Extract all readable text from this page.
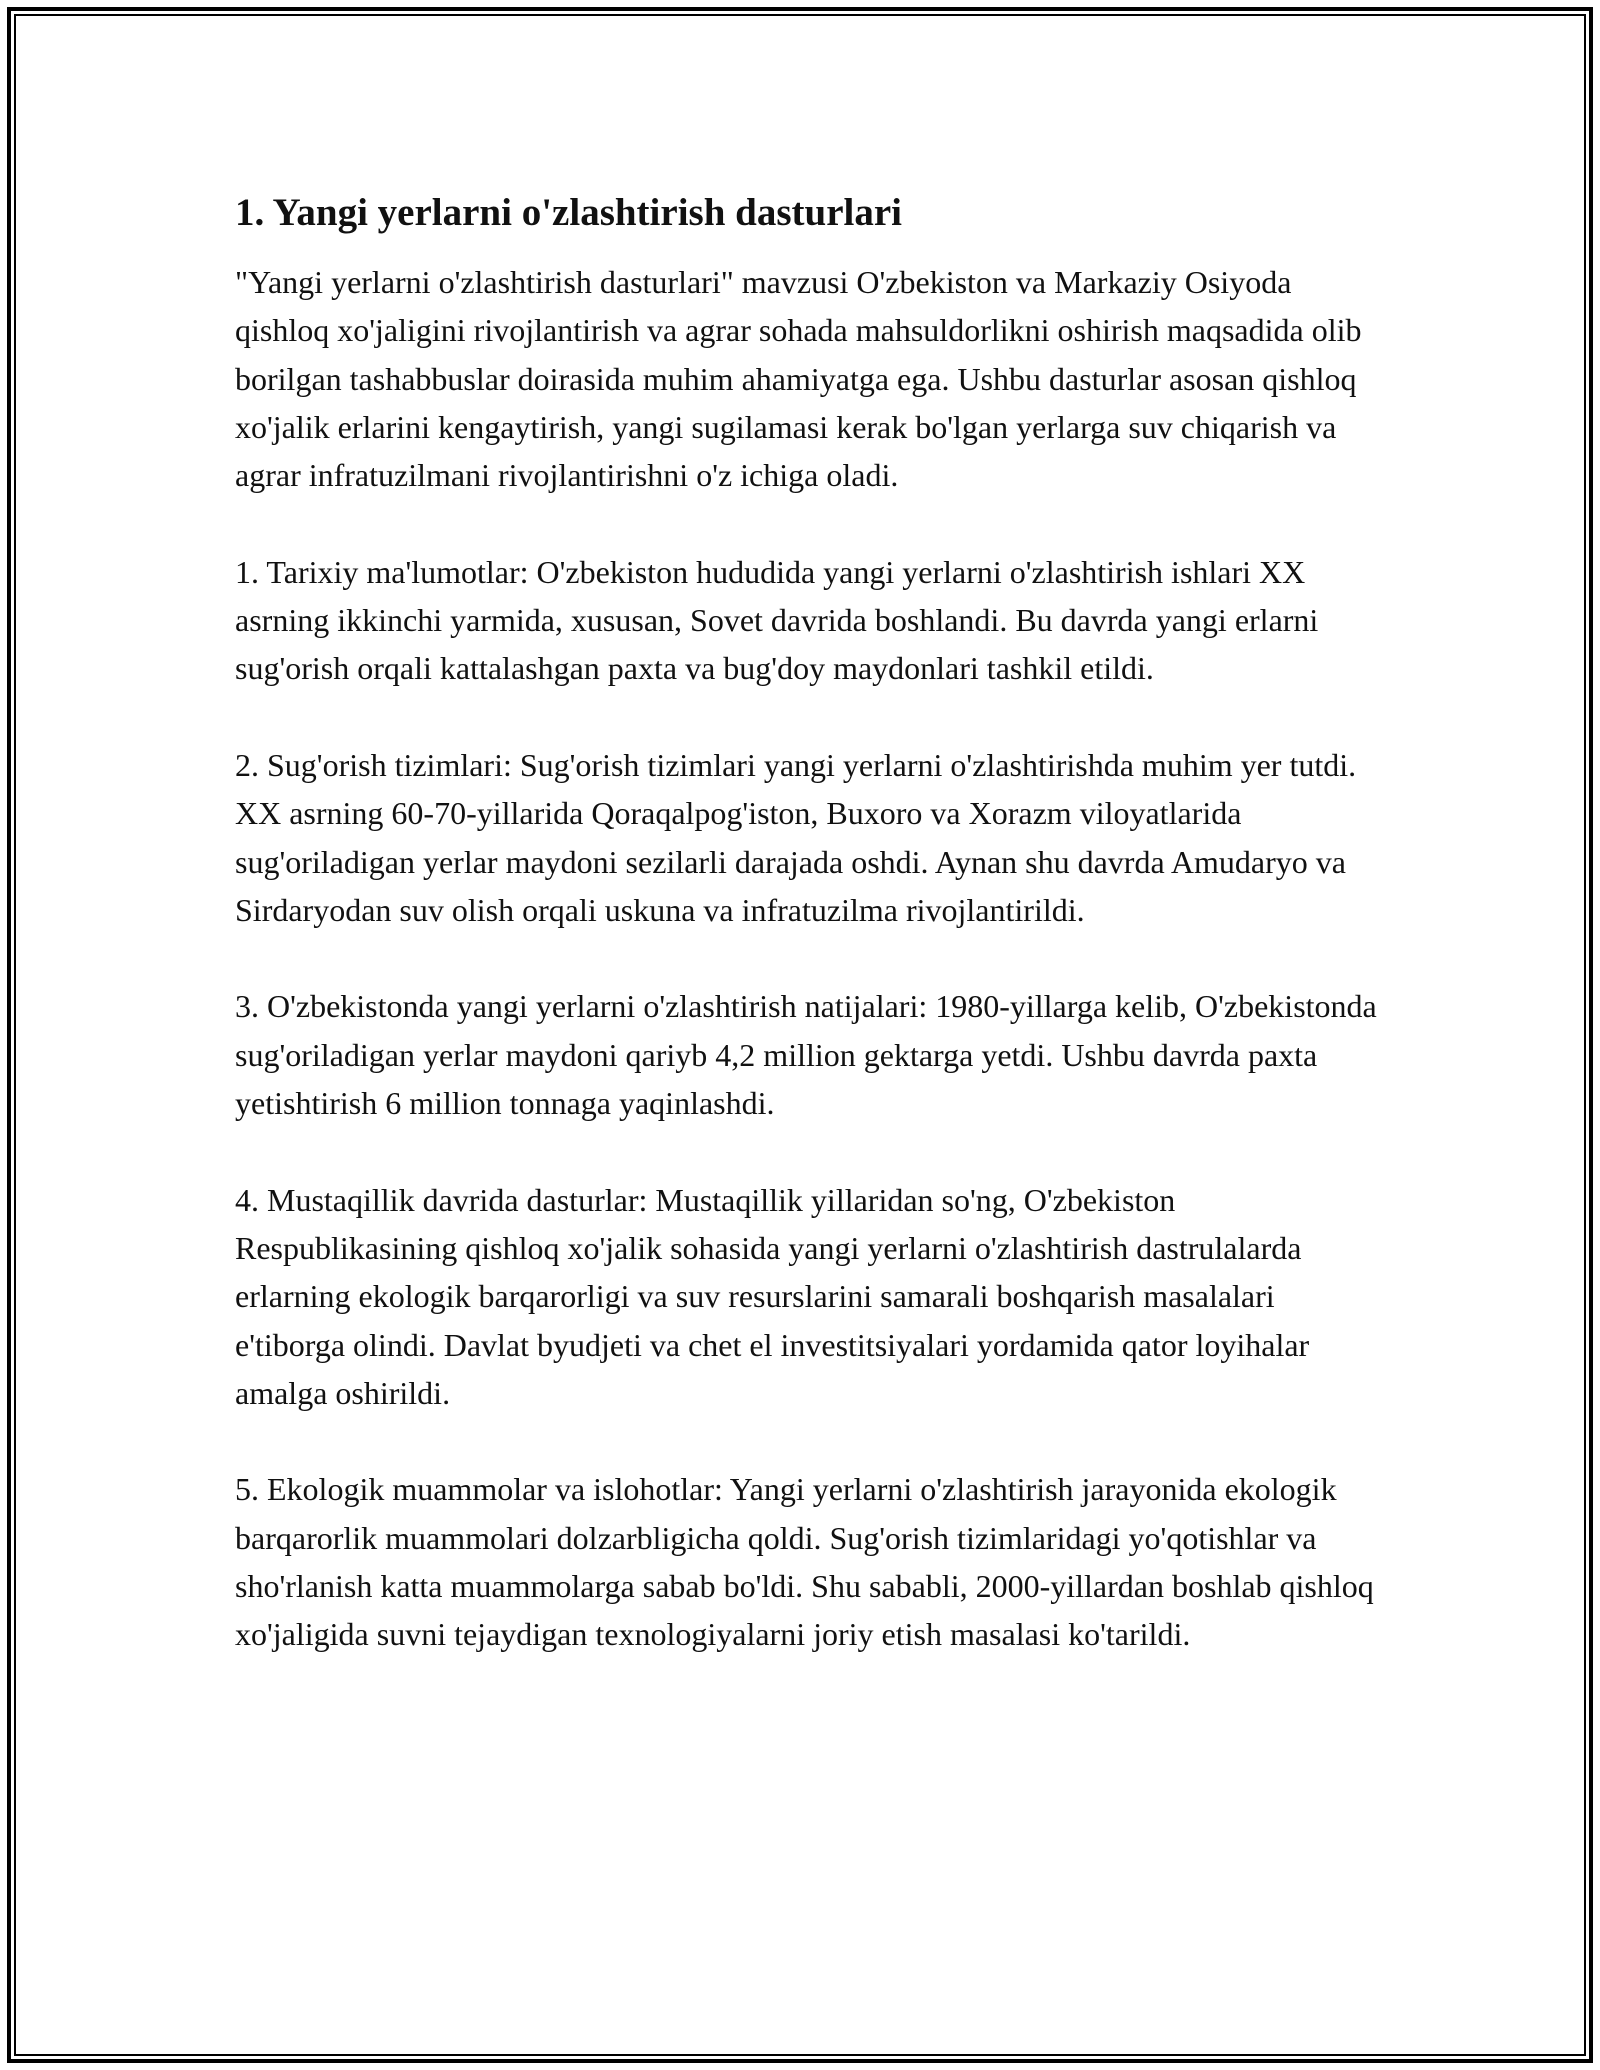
1. Yangi yerlarni o'zlashtirish dasturlari

"Yangi yerlarni o'zlashtirish dasturlari" mavzusi O'zbekiston va Markaziy Osiyoda qishloq xo'jaligini rivojlantirish va agrar sohada mahsuldorlikni oshirish maqsadida olib borilgan tashabbuslar doirasida muhim ahamiyatga ega. Ushbu dasturlar asosan qishloq xo'jalik erlarini kengaytirish, yangi sugilamasi kerak bo'lgan yerlarga suv chiqarish va agrar infratuzilmani rivojlantirishni o'z ichiga oladi.

1. Tarixiy ma'lumotlar: O'zbekiston hududida yangi yerlarni o'zlashtirish ishlari XX asrning ikkinchi yarmida, xususan, Sovet davrida boshlandi. Bu davrda yangi erlarni sug'orish orqali kattalashgan paxta va bug'doy maydonlari tashkil etildi.

2. Sug'orish tizimlari: Sug'orish tizimlari yangi yerlarni o'zlashtirishda muhim yer tutdi. XX asrning 60-70-yillarida Qoraqalpog'iston, Buxoro va Xorazm viloyatlarida sug'oriladigan yerlar maydoni sezilarli darajada oshdi. Aynan shu davrda Amudaryo va Sirdaryodan suv olish orqali uskuna va infratuzilma rivojlantirildi.

3. O'zbekistonda yangi yerlarni o'zlashtirish natijalari: 1980-yillarga kelib, O'zbekistonda sug'oriladigan yerlar maydoni qariyb 4,2 million gektarga yetdi. Ushbu davrda paxta yetishtirish 6 million tonnaga yaqinlashdi.

4. Mustaqillik davrida dasturlar: Mustaqillik yillaridan so'ng, O'zbekiston Respublikasining qishloq xo'jalik sohasida yangi yerlarni o'zlashtirish dastrulalarda erlarning ekologik barqarorligi va suv resurslarini samarali boshqarish masalalari e'tiborga olindi. Davlat byudjeti va chet el investitsiyalari yordamida qator loyihalar amalga oshirildi.

5. Ekologik muammolar va islohotlar: Yangi yerlarni o'zlashtirish jarayonida ekologik barqarorlik muammolari dolzarbligicha qoldi. Sug'orish tizimlaridagi yo'qotishlar va sho'rlanish katta muammolarga sabab bo'ldi. Shu sababli, 2000-yillardan boshlab qishloq xo'jaligida suvni tejaydigan texnologiyalarni joriy etish masalasi ko'tarildi.
